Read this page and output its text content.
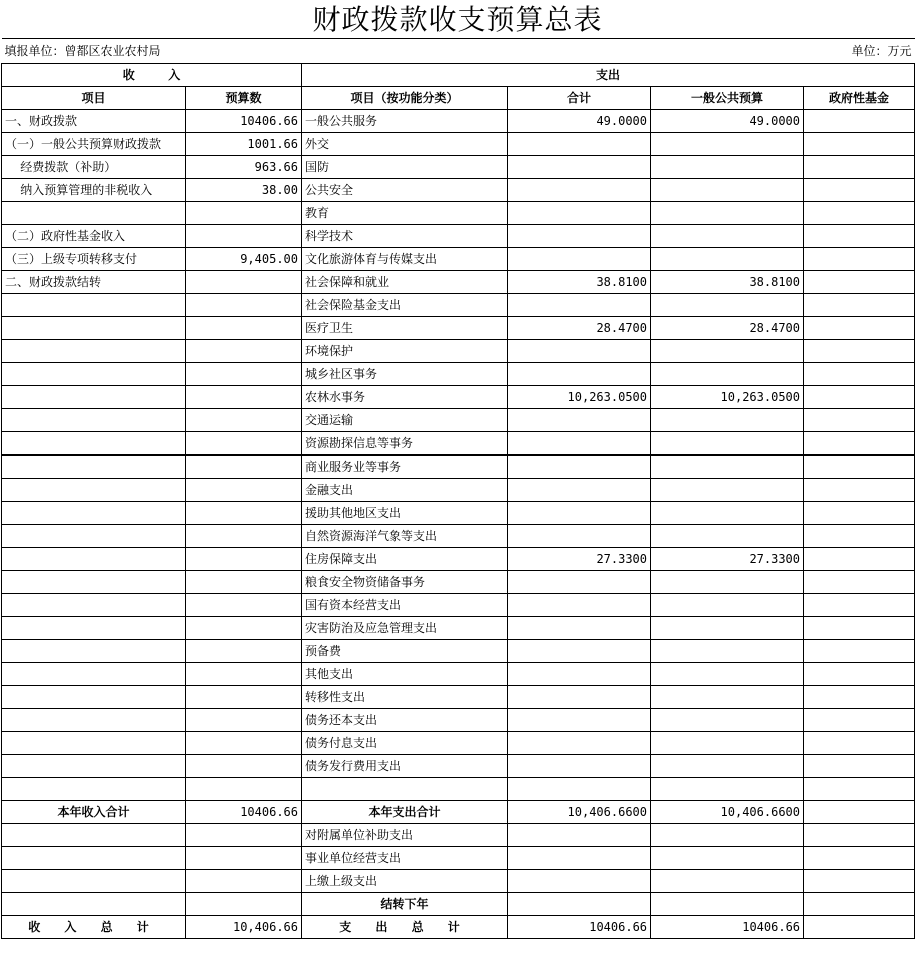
财政拨款收支预算总表
填报单位：曾都区农业农村局			单位：万元		
收        入		支出			
项目	预算数	项目（按功能分类）	合计	一般公共预算	政府性基金
一、财政拨款	10406.66	一般公共服务	49.0000	49.0000	
（一）一般公共预算财政拨款	1001.66	外交			
经费拨款（补助）	963.66	国防			
纳入预算管理的非税收入	38.00	公共安全			
		教育			
（二）政府性基金收入		科学技术			
（三）上级专项转移支付	9,405.00	文化旅游体育与传媒支出			
二、财政拨款结转		社会保障和就业	38.8100	38.8100	
		社会保险基金支出			
		医疗卫生	28.4700	28.4700	
		环境保护			
		城乡社区事务			
		农林水事务	10,263.0500	10,263.0500	
		交通运输			
		资源勘探信息等事务			
		商业服务业等事务			
		金融支出			
		援助其他地区支出			
		自然资源海洋气象等支出			
		住房保障支出	27.3300	27.3300	
		粮食安全物资储备事务			
		国有资本经营支出			
		灾害防治及应急管理支出			
		预备费			
		其他支出			
		转移性支出			
		债务还本支出			
		债务付息支出			
		债务发行费用支出			

本年收入合计	10406.66	本年支出合计	10,406.6600	10,406.6600	
		对附属单位补助支出			
		事业单位经营支出			
		上缴上级支出			
		结转下年			
收 入 总 计	10,406.66	支 出 总 计	10406.66	10406.66	
